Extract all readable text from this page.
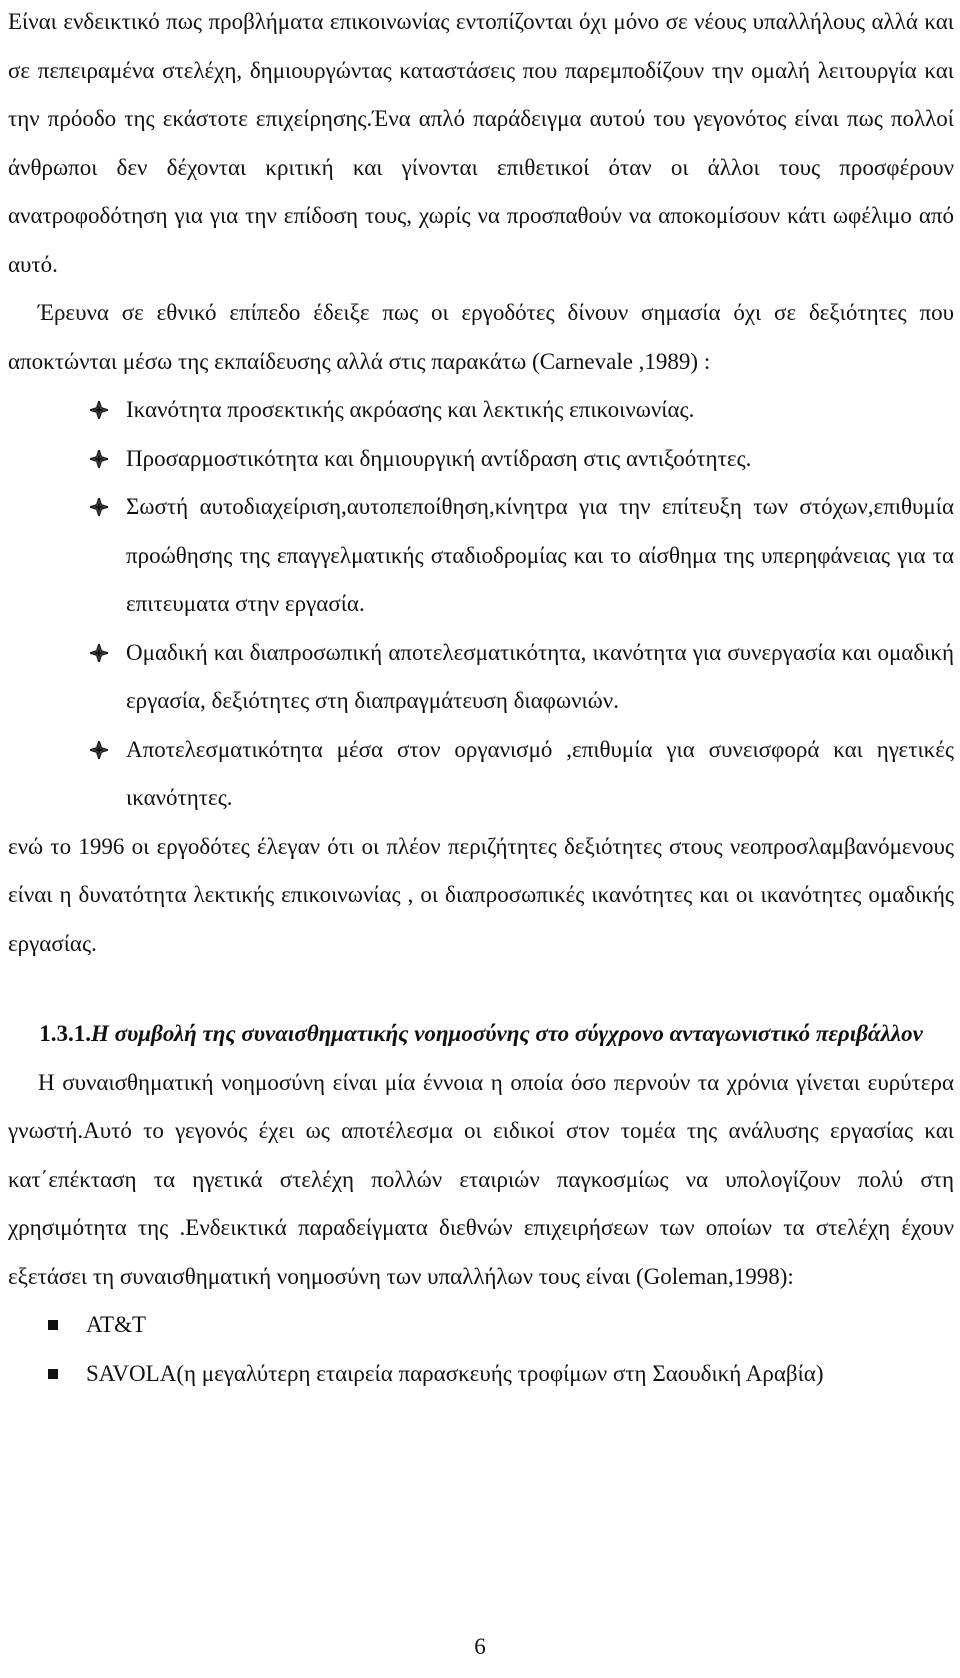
Είναι ενδεικτικό πως προβλήματα επικοινωνίας εντοπίζονται όχι μόνο σε νέους υπαλλήλους αλλά και σε πεπειραμένα στελέχη, δημιουργώντας καταστάσεις που παρεμποδίζουν την ομαλή λειτουργία και την πρόοδο της εκάστοτε επιχείρησης.Ένα απλό παράδειγμα αυτού του γεγονότος είναι πως πολλοί άνθρωποι δεν δέχονται κριτική και γίνονται επιθετικοί όταν οι άλλοι τους προσφέρουν ανατροφοδότηση για για την επίδοση τους, χωρίς να προσπαθούν να αποκομίσουν κάτι ωφέλιμο από αυτό.

Έρευνα σε εθνικό επίπεδο έδειξε πως οι εργοδότες δίνουν σημασία όχι σε δεξιότητες που αποκτώνται μέσω της εκπαίδευσης αλλά στις παρακάτω (Carnevale ,1989) :

Ικανότητα προσεκτικής ακρόασης και λεκτικής επικοινωνίας.
Προσαρμοστικότητα και δημιουργική αντίδραση στις αντιξοότητες.
Σωστή αυτοδιαχείριση,αυτοπεποίθηση,κίνητρα για την επίτευξη των στόχων,επιθυμία προώθησης της επαγγελματικής σταδιοδρομίας και το αίσθημα της υπερηφάνειας για τα επιτευματα στην εργασία.
Ομαδική και διαπροσωπική αποτελεσματικότητα, ικανότητα για συνεργασία και ομαδική εργασία, δεξιότητες στη διαπραγμάτευση διαφωνιών.
Αποτελεσματικότητα μέσα στον οργανισμό ,επιθυμία για συνεισφορά και ηγετικές ικανότητες.

ενώ το 1996 οι εργοδότες έλεγαν ότι οι πλέον περιζήτητες δεξιότητες στους νεοπροσλαμβανόμενους είναι η δυνατότητα λεκτικής επικοινωνίας , οι διαπροσωπικές ικανότητες και οι ικανότητες ομαδικής εργασίας.

1.3.1.Η συμβολή της συναισθηματικής νοημοσύνης στο σύγχρονο ανταγωνιστικό περιβάλλον

Η συναισθηματική νοημοσύνη είναι μία έννοια η οποία όσο περνούν τα χρόνια γίνεται ευρύτερα γνωστή.Αυτό το γεγονός έχει ως αποτέλεσμα οι ειδικοί στον τομέα της ανάλυσης εργασίας και κατ΄επέκταση τα ηγετικά στελέχη πολλών εταιριών παγκοσμίως να υπολογίζουν πολύ στη χρησιμότητα της .Ενδεικτικά παραδείγματα διεθνών επιχειρήσεων των οποίων τα στελέχη έχουν εξετάσει τη συναισθηματική νοημοσύνη των υπαλλήλων τους είναι (Goleman,1998):

AT&T
SAVOLA(η μεγαλύτερη εταιρεία παρασκευής τροφίμων στη Σαουδική Αραβία)
6
